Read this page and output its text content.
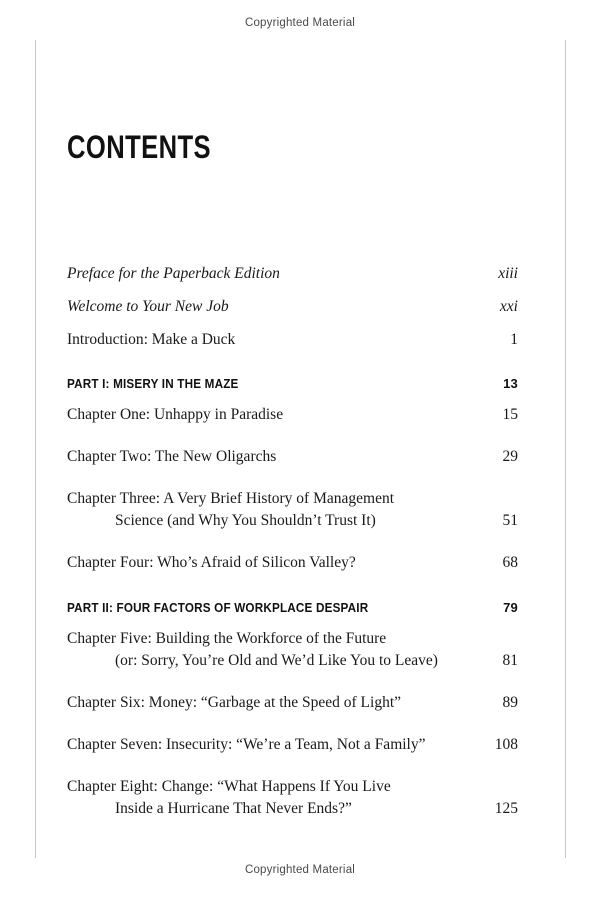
Copyrighted Material
CONTENTS
Preface for the Paperback Edition	xiii
Welcome to Your New Job	xxi
Introduction: Make a Duck	1
PART I: MISERY IN THE MAZE	13
Chapter One: Unhappy in Paradise	15
Chapter Two: The New Oligarchs	29
Chapter Three: A Very Brief History of Management
Science (and Why You Shouldn’t Trust It)	51
Chapter Four: Who’s Afraid of Silicon Valley?	68
PART II: FOUR FACTORS OF WORKPLACE DESPAIR	79
Chapter Five: Building the Workforce of the Future
(or: Sorry, You’re Old and We’d Like You to Leave)	81
Chapter Six: Money: “Garbage at the Speed of Light”	89
Chapter Seven: Insecurity: “We’re a Team, Not a Family”	108
Chapter Eight: Change: “What Happens If You Live
Inside a Hurricane That Never Ends?”	125
Copyrighted Material
